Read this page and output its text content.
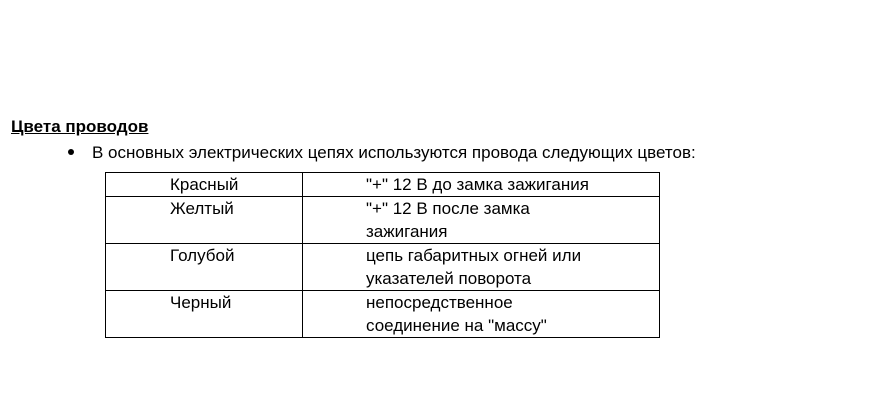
Цвета проводов
В основных электрических цепях используются провода следующих цветов:
Красный	"+" 12 В до замка зажигания

Желтый	"+" 12 В после замка
зажигания

Голубой	цепь габаритных огней или
указателей поворота

Черный	непосредственное
соединение на "массу"
